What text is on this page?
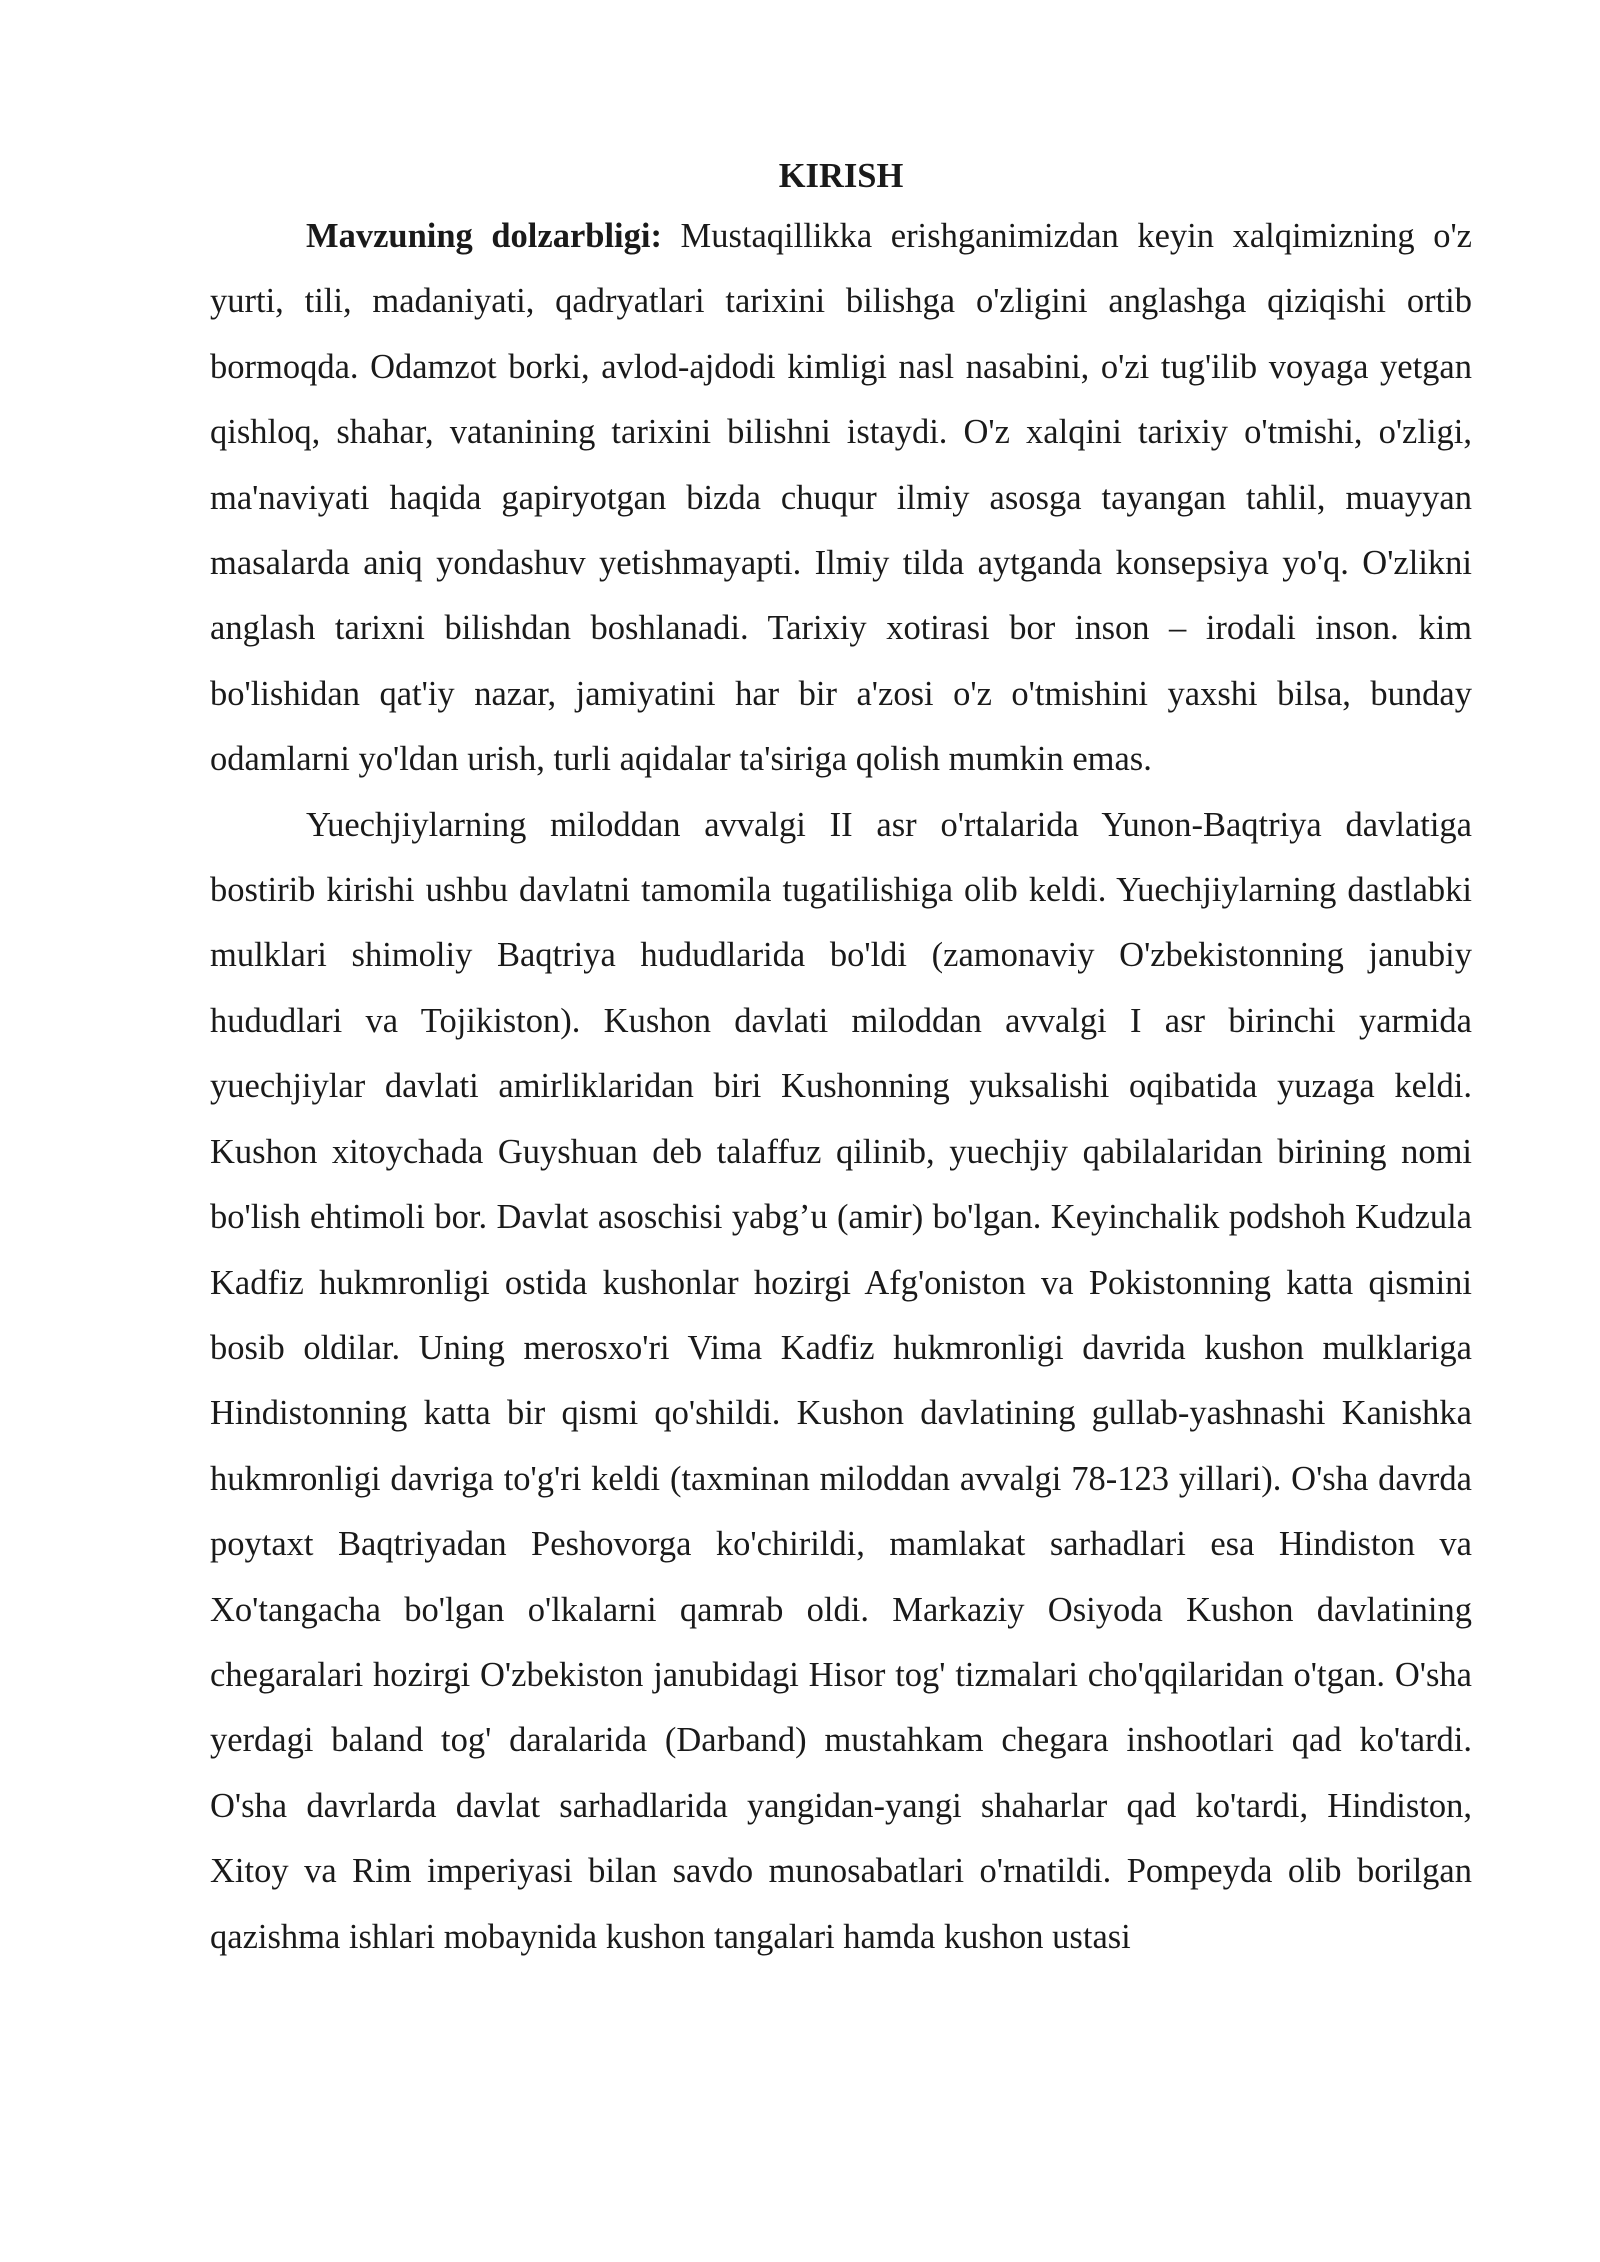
KIRISH

Mavzuning dolzarbligi: Mustaqillikka erishganimizdan keyin xalqimizning o'z yurti, tili, madaniyati, qadryatlari tarixini bilishga o'zligini anglashga qiziqishi ortib bormoqda. Odamzot borki, avlod-ajdodi kimligi nasl nasabini, o'zi tug'ilib voyaga yetgan qishloq, shahar, vatanining tarixini bilishni istaydi. O'z xalqini tarixiy o'tmishi, o'zligi, ma'naviyati haqida gapiryotgan bizda chuqur ilmiy asosga tayangan tahlil, muayyan masalarda aniq yondashuv yetishmayapti. Ilmiy tilda aytganda konsepsiya yo'q. O'zlikni anglash tarixni bilishdan boshlanadi. Tarixiy xotirasi bor inson – irodali inson. kim bo'lishidan qat'iy nazar, jamiyatini har bir a'zosi o'z o'tmishini yaxshi bilsa, bunday odamlarni yo'ldan urish, turli aqidalar ta'siriga qolish mumkin emas.

Yuechjiylarning miloddan avvalgi II asr o'rtalarida Yunon-Baqtriya davlatiga bostirib kirishi ushbu davlatni tamomila tugatilishiga olib keldi. Yuechjiylarning dastlabki mulklari shimoliy Baqtriya hududlarida bo'ldi (zamonaviy O'zbekistonning janubiy hududlari va Tojikiston). Kushon davlati miloddan avvalgi I asr birinchi yarmida yuechjiylar davlati amirliklaridan biri Kushonning yuksalishi oqibatida yuzaga keldi. Kushon xitoychada Guyshuan deb talaffuz qilinib, yuechjiy qabilalaridan birining nomi bo'lish ehtimoli bor. Davlat asoschisi yabg’u (amir) bo'lgan. Keyinchalik podshoh Kudzula Kadfiz hukmronligi ostida kushonlar hozirgi Afg'oniston va Pokistonning katta qismini bosib oldilar. Uning merosxo'ri Vima Kadfiz hukmronligi davrida kushon mulklariga Hindistonning katta bir qismi qo'shildi. Kushon davlatining gullab-yashnashi Kanishka hukmronligi davriga to'g'ri keldi (taxminan miloddan avvalgi 78-123 yillari). O'sha davrda poytaxt Baqtriyadan Peshovorga ko'chirildi, mamlakat sarhadlari esa Hindiston va Xo'tangacha bo'lgan o'lkalarni qamrab oldi. Markaziy Osiyoda Kushon davlatining chegaralari hozirgi O'zbekiston janubidagi Hisor tog' tizmalari cho'qqilaridan o'tgan. O'sha yerdagi baland tog' daralarida (Darband) mustahkam chegara inshootlari qad ko'tardi. O'sha davrlarda davlat sarhadlarida yangidan-yangi shaharlar qad ko'tardi, Hindiston, Xitoy va Rim imperiyasi bilan savdo munosabatlari o'rnatildi. Pompeyda olib borilgan qazishma ishlari mobaynida kushon tangalari hamda kushon ustasi
